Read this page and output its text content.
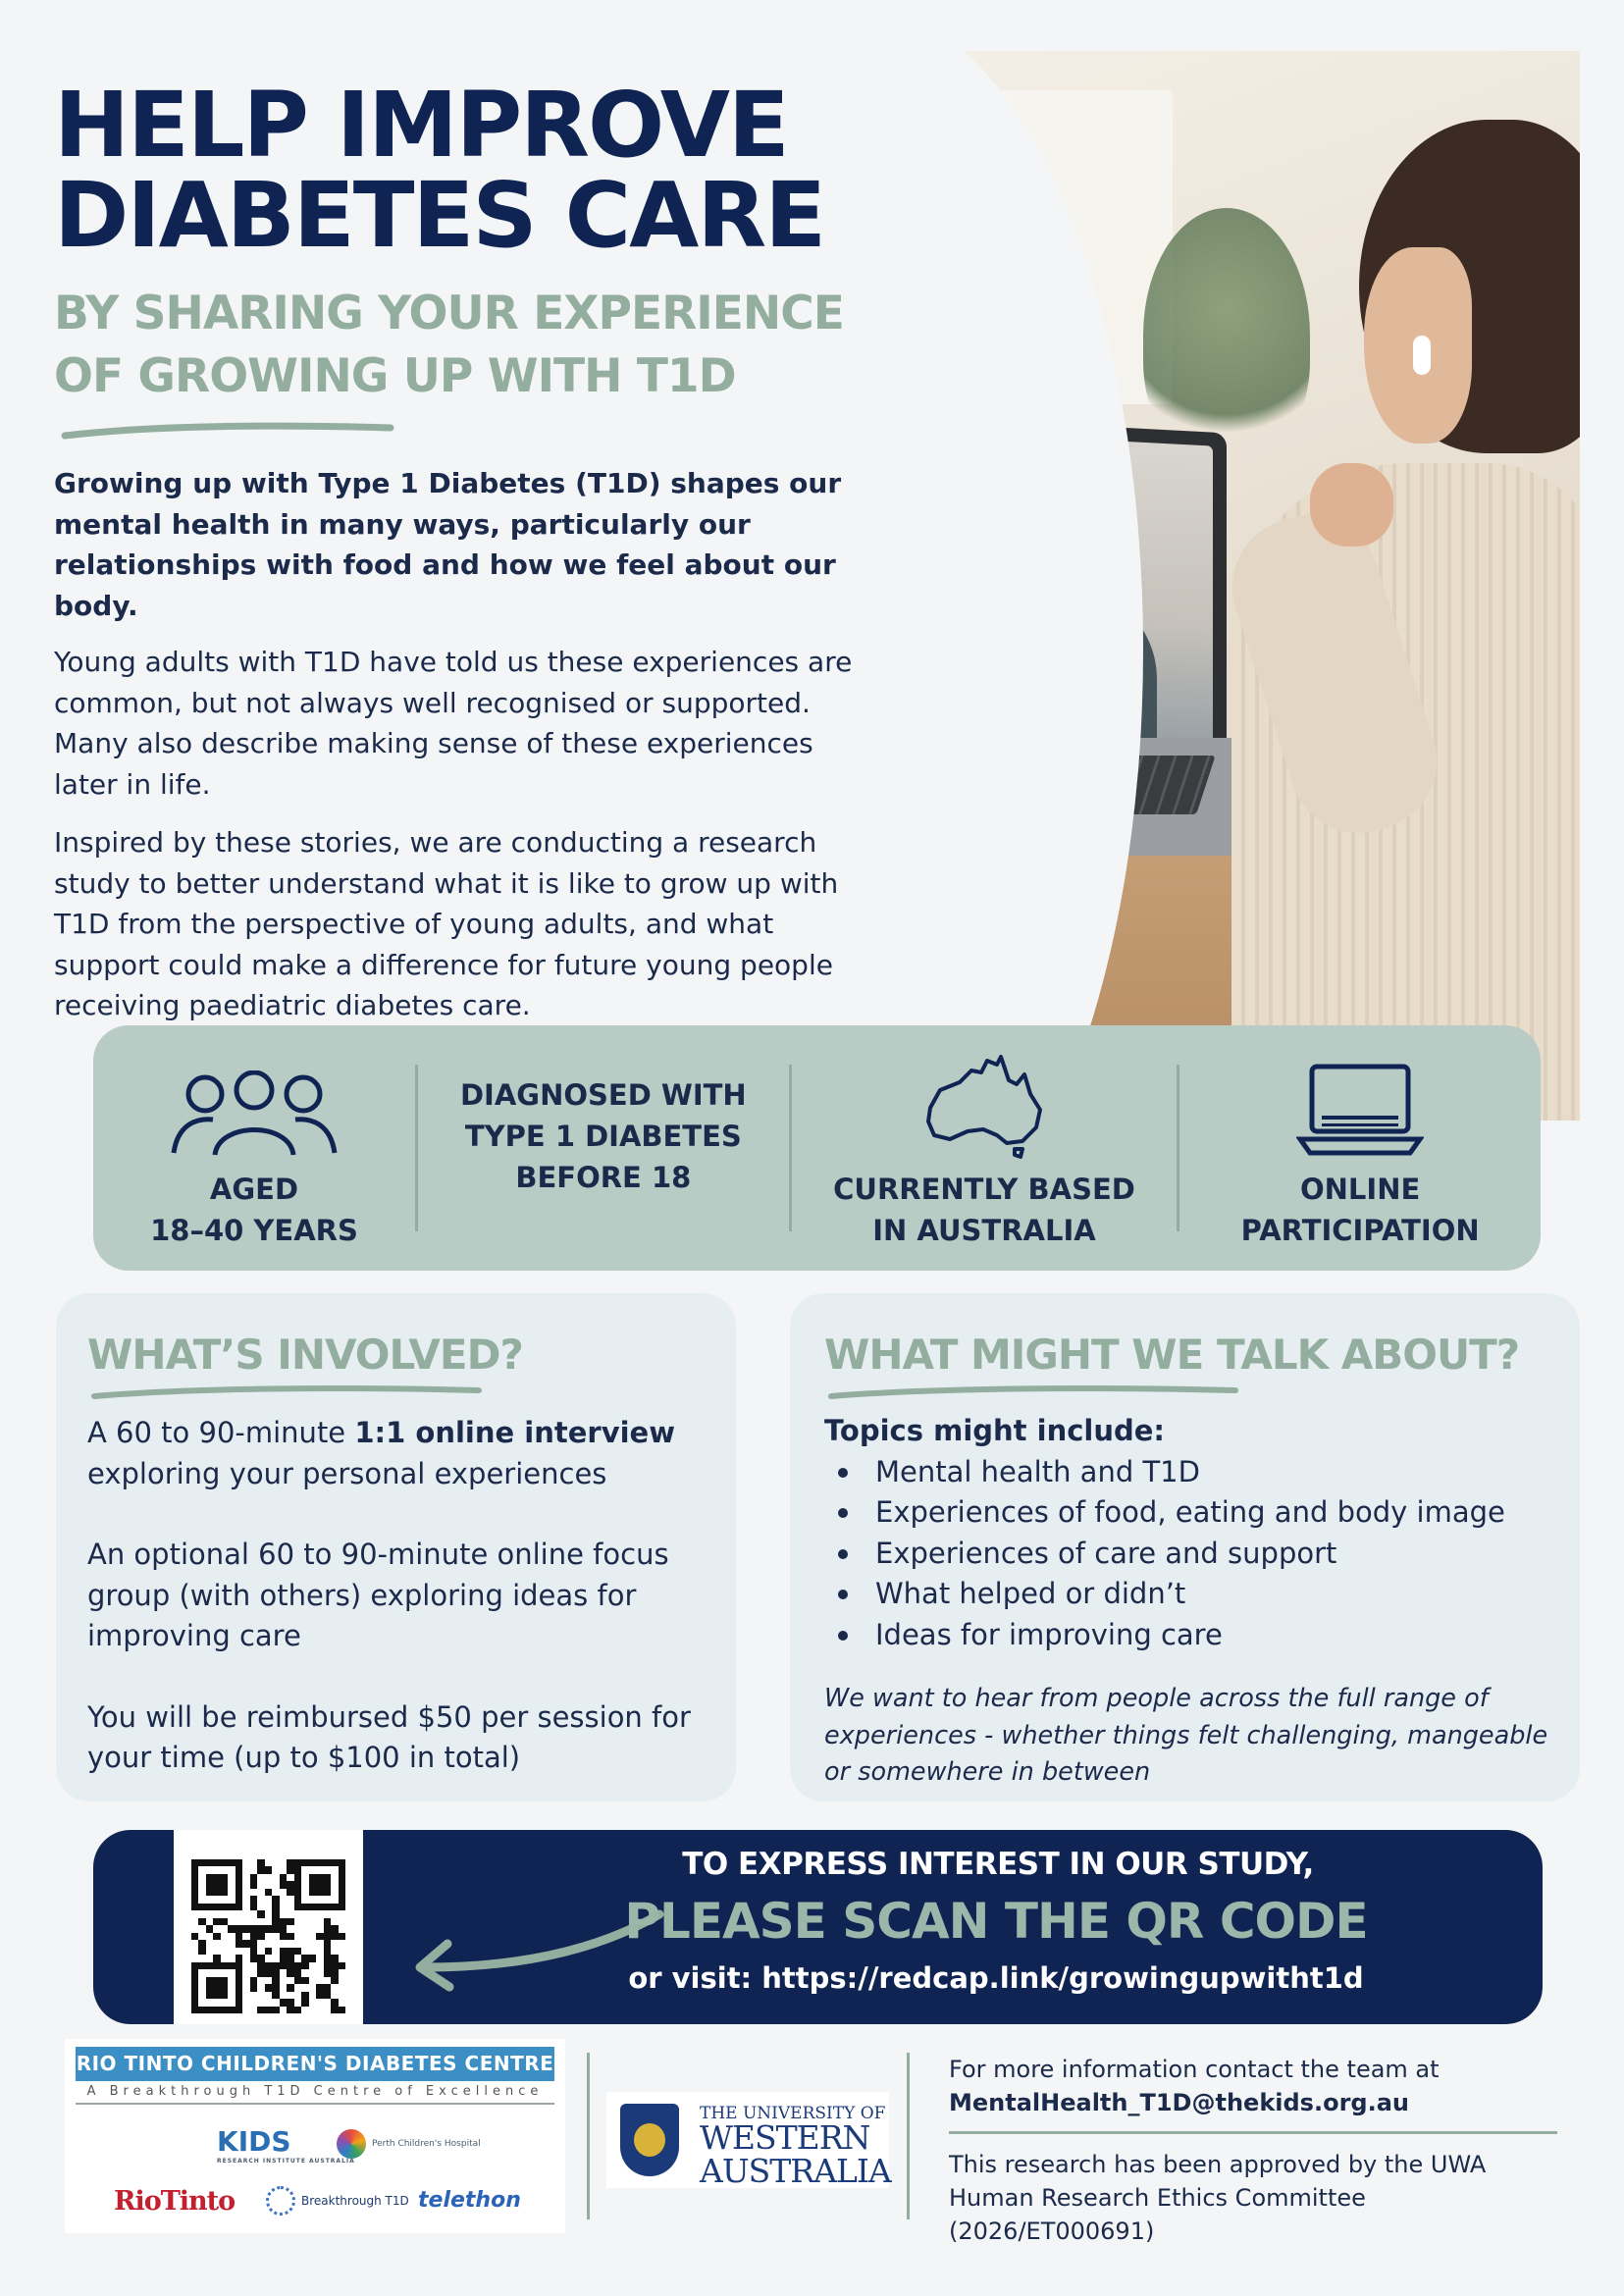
HELP IMPROVE
DIABETES CARE
BY SHARING YOUR EXPERIENCE
OF GROWING UP WITH T1D

Growing up with Type 1 Diabetes (T1D) shapes our mental health in many ways, particularly our relationships with food and how we feel about our body.

Young adults with T1D have told us these experiences are common, but not always well recognised or supported. Many also describe making sense of these experiences later in life.

Inspired by these stories, we are conducting a research study to better understand what it is like to grow up with T1D from the perspective of young adults, and what support could make a difference for future young people receiving paediatric diabetes care.

AGED
18–40 YEARS
DIAGNOSED WITH
TYPE 1 DIABETES
BEFORE 18	CURRENTLY BASED
IN AUSTRALIA
ONLINE
PARTICIPATION
WHAT’S INVOLVED?

A 60 to 90-minute 1:1 online interview exploring your personal experiences

An optional 60 to 90-minute online focus group (with others) exploring ideas for improving care

You will be reimbursed $50 per session for your time (up to $100 in total)

WHAT MIGHT WE TALK ABOUT?
Topics might include:
Mental health and T1D
Experiences of food, eating and body image
Experiences of care and support
What helped or didn’t
Ideas for improving care
We want to hear from people across the full range of experiences - whether things felt challenging, mangeable or somewhere in between
TO EXPRESS INTEREST IN OUR STUDY,
PLEASE SCAN THE QR CODE
or visit: https://redcap.link/growingupwitht1d
RIO TINTO CHILDREN'S DIABETES CENTRE
A Breakthrough T1D Centre of Excellence
KIDS
RESEARCH INSTITUTE AUSTRALIA
Perth Children's Hospital
RioTinto	Breakthrough T1D telethon
THE UNIVERSITY OF
WESTERN
AUSTRALIA
For more information contact the team at
MentalHealth_T1D@thekids.org.au
This research has been approved by the UWA Human Research Ethics Committee (2026/ET000691)
